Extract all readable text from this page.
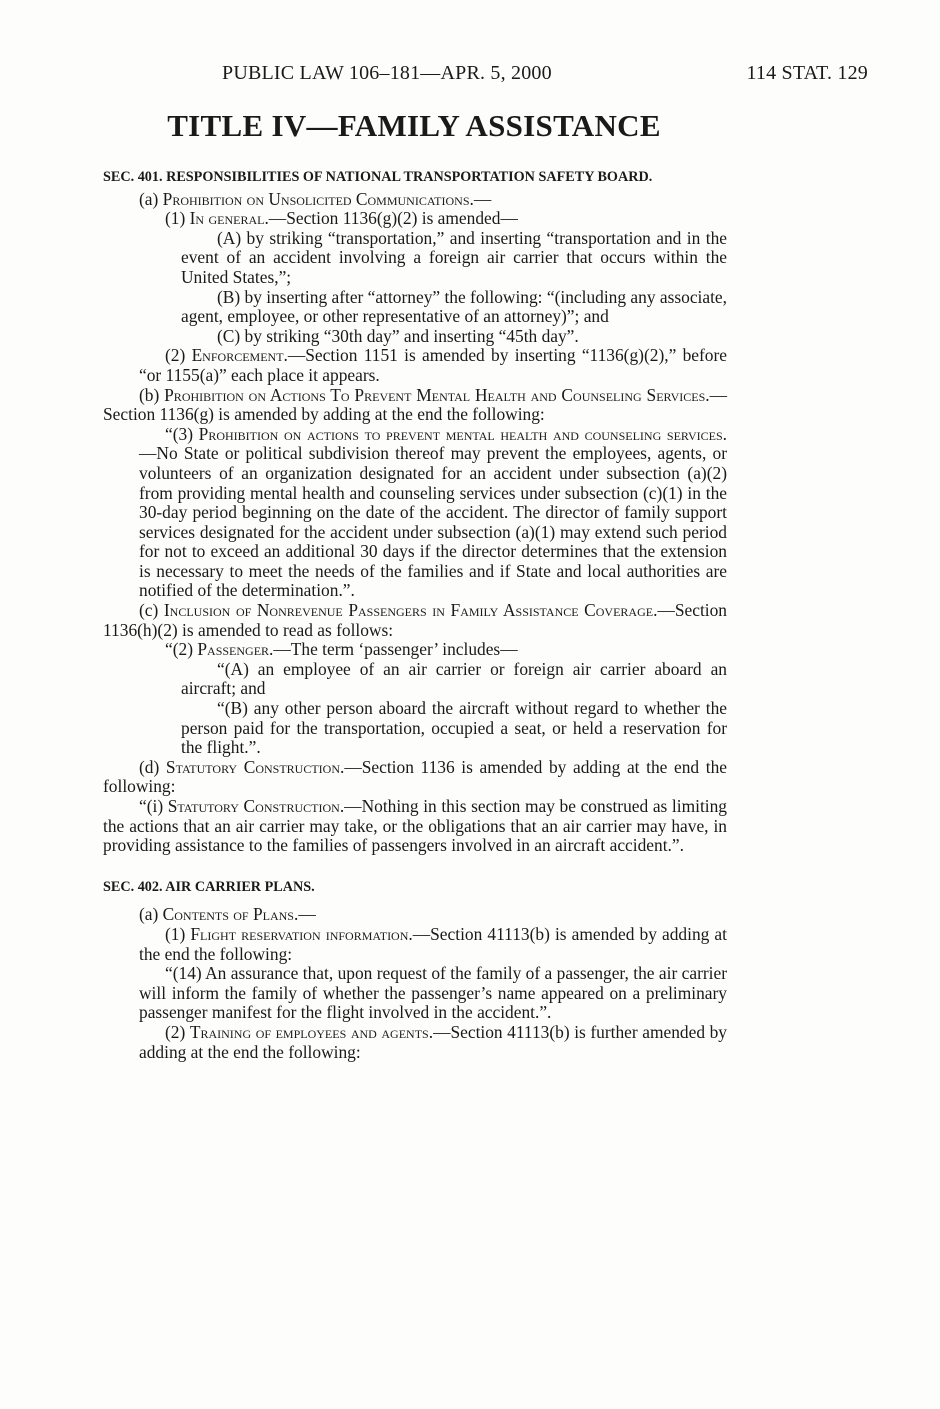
PUBLIC LAW 106–181—APR. 5, 2000	114 STAT. 129
TITLE IV—FAMILY ASSISTANCE

SEC. 401. RESPONSIBILITIES OF NATIONAL TRANSPORTATION SAFETY BOARD.

(a) Prohibition on Unsolicited Communications.—

(1) In general.—Section 1136(g)(2) is amended—

(A) by striking “transportation,” and inserting “transportation and in the event of an accident involving a foreign air carrier that occurs within the United States,”;

(B) by inserting after “attorney” the following: “(including any associate, agent, employee, or other representative of an attorney)”; and

(C) by striking “30th day” and inserting “45th day”.

(2) Enforcement.—Section 1151 is amended by inserting “1136(g)(2),” before “or 1155(a)” each place it appears.

(b) Prohibition on Actions To Prevent Mental Health and Counseling Services.—Section 1136(g) is amended by adding at the end the following:

“(3) Prohibition on actions to prevent mental health and counseling services.—No State or political subdivision thereof may prevent the employees, agents, or volunteers of an organization designated for an accident under subsection (a)(2) from providing mental health and counseling services under subsection (c)(1) in the 30-day period beginning on the date of the accident. The director of family support services designated for the accident under subsection (a)(1) may extend such period for not to exceed an additional 30 days if the director determines that the extension is necessary to meet the needs of the families and if State and local authorities are notified of the determination.”.

(c) Inclusion of Nonrevenue Passengers in Family Assistance Coverage.—Section 1136(h)(2) is amended to read as follows:

“(2) Passenger.—The term ‘passenger’ includes—

“(A) an employee of an air carrier or foreign air carrier aboard an aircraft; and

“(B) any other person aboard the aircraft without regard to whether the person paid for the transportation, occupied a seat, or held a reservation for the flight.”.

(d) Statutory Construction.—Section 1136 is amended by adding at the end the following:

“(i) Statutory Construction.—Nothing in this section may be construed as limiting the actions that an air carrier may take, or the obligations that an air carrier may have, in providing assistance to the families of passengers involved in an aircraft accident.”.

SEC. 402. AIR CARRIER PLANS.

(a) Contents of Plans.—

(1) Flight reservation information.—Section 41113(b) is amended by adding at the end the following:

“(14) An assurance that, upon request of the family of a passenger, the air carrier will inform the family of whether the passenger’s name appeared on a preliminary passenger manifest for the flight involved in the accident.”.

(2) Training of employees and agents.—Section 41113(b) is further amended by adding at the end the following:
